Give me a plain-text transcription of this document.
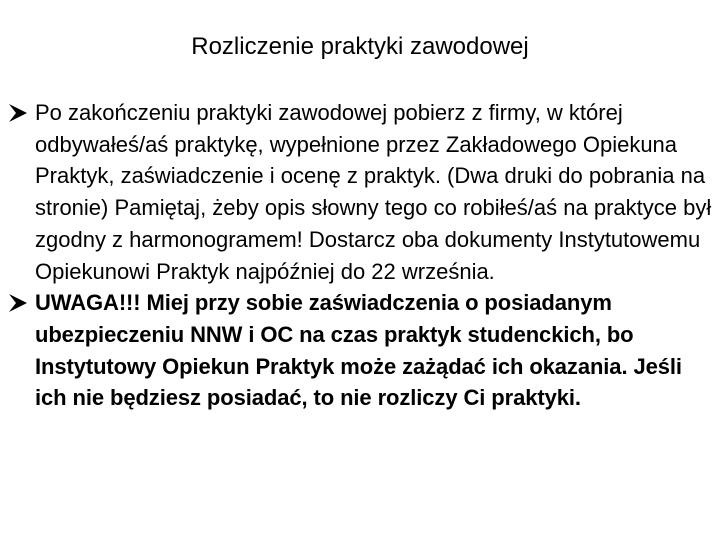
Rozliczenie praktyki zawodowej

Po zakończeniu praktyki zawodowej pobierz z firmy, w której odbywałeś/aś praktykę, wypełnione przez Zakładowego Opiekuna Praktyk, zaświadczenie i ocenę z praktyk. (Dwa druki do pobrania na stronie) Pamiętaj, żeby opis słowny tego co robiłeś/aś na praktyce był zgodny z harmonogramem! Dostarcz oba dokumenty Instytutowemu Opiekunowi Praktyk najpóźniej do 22 września.

UWAGA!!! Miej przy sobie zaświadczenia o posiadanym ubezpieczeniu NNW i OC na czas praktyk studenckich, bo Instytutowy Opiekun Praktyk może zażądać ich okazania. Jeśli ich nie będziesz posiadać, to nie rozliczy Ci praktyki.
